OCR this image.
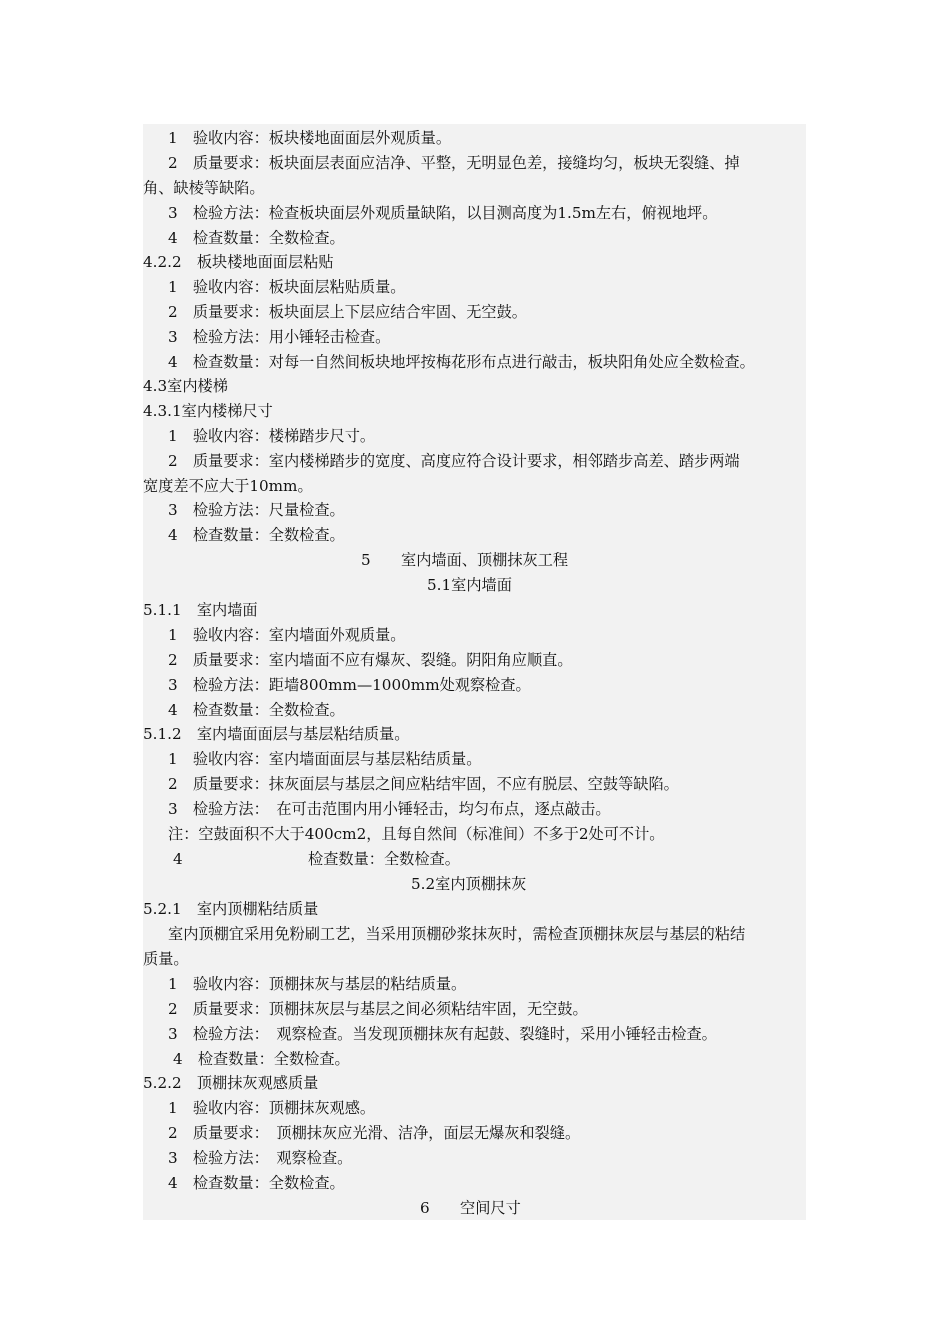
1　验收内容：板块楼地面面层外观质量。
2　质量要求：板块面层表面应洁净、平整，无明显色差，接缝均匀，板块无裂缝、掉
角、缺棱等缺陷。
3　检验方法：检查板块面层外观质量缺陷，以目测高度为1.5m左右，俯视地坪。
4　检查数量：全数检查。
4.2.2　板块楼地面面层粘贴
1　验收内容：板块面层粘贴质量。
2　质量要求：板块面层上下层应结合牢固、无空鼓。
3　检验方法：用小锤轻击检查。
4　检查数量：对每一自然间板块地坪按梅花形布点进行敲击，板块阳角处应全数检查。
4.3室内楼梯
4.3.1室内楼梯尺寸
1　验收内容：楼梯踏步尺寸。
2　质量要求：室内楼梯踏步的宽度、高度应符合设计要求，相邻踏步高差、踏步两端
宽度差不应大于10mm。
3　检验方法：尺量检查。
4　检查数量：全数检查。
5　　室内墙面、顶棚抹灰工程
5.1室内墙面
5.1.1　室内墙面
1　验收内容：室内墙面外观质量。
2　质量要求：室内墙面不应有爆灰、裂缝。阴阳角应顺直。
3　检验方法：距墙800mm—1000mm处观察检查。
4　检查数量：全数检查。
5.1.2　室内墙面面层与基层粘结质量。
1　验收内容：室内墙面面层与基层粘结质量。
2　质量要求：抹灰面层与基层之间应粘结牢固，不应有脱层、空鼓等缺陷。
3　检验方法：　在可击范围内用小锤轻击，均匀布点，逐点敲击。
注：空鼓面积不大于400cm2，且每自然间（标准间）不多于2处可不计。
4	检查数量：全数检查。
5.2室内顶棚抹灰
5.2.1　室内顶棚粘结质量
室内顶棚宜采用免粉刷工艺，当采用顶棚砂浆抹灰时，需检查顶棚抹灰层与基层的粘结
质量。
1　验收内容：顶棚抹灰与基层的粘结质量。
2　质量要求：顶棚抹灰层与基层之间必须粘结牢固，无空鼓。
3　检验方法：　观察检查。当发现顶棚抹灰有起鼓、裂缝时，采用小锤轻击检查。
4　检查数量：全数检查。
5.2.2　顶棚抹灰观感质量
1　验收内容：顶棚抹灰观感。
2　质量要求：　顶棚抹灰应光滑、洁净，面层无爆灰和裂缝。
3　检验方法：　观察检查。
4　检查数量：全数检查。
6　　空间尺寸
